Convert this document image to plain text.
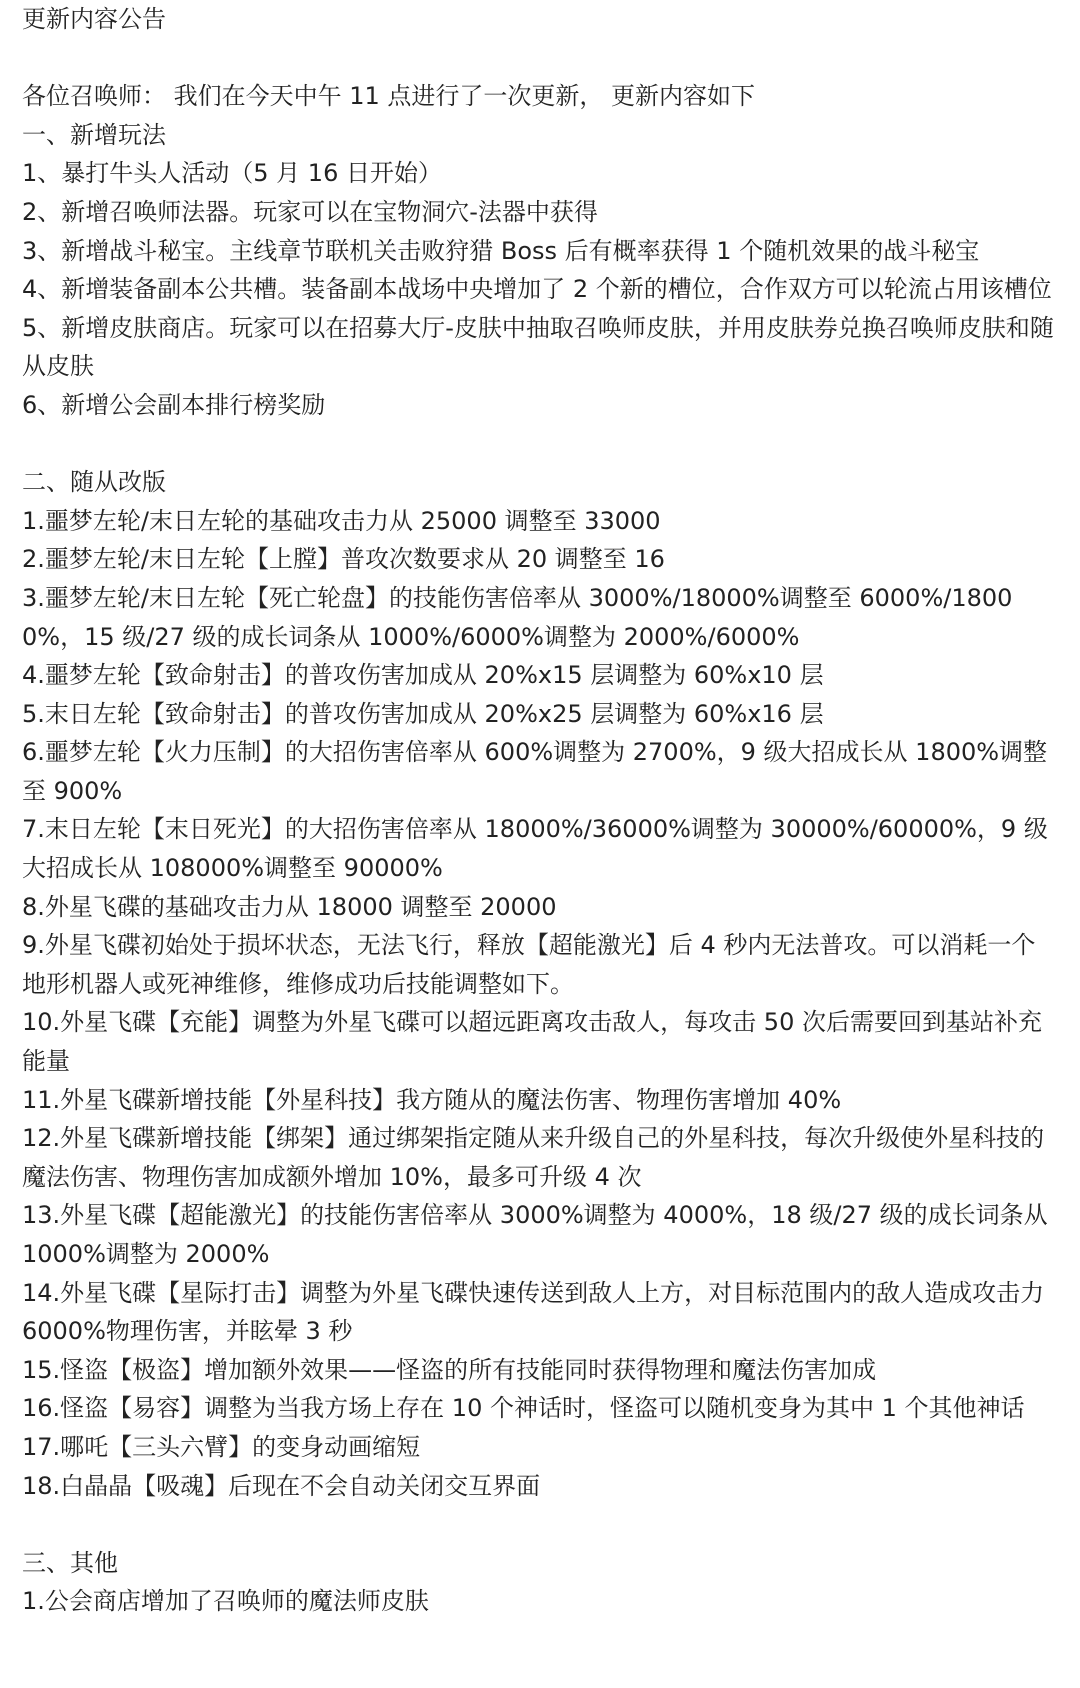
更新内容公告

各位召唤师： 我们在今天中午 11 点进行了一次更新， 更新内容如下

一、新增玩法

1、暴打牛头人活动（5 月 16 日开始）

2、新增召唤师法器。玩家可以在宝物洞穴-法器中获得

3、新增战斗秘宝。主线章节联机关击败狩猎 Boss 后有概率获得 1 个随机效果的战斗秘宝

4、新增装备副本公共槽。装备副本战场中央增加了 2 个新的槽位，合作双方可以轮流占用该槽位

5、新增皮肤商店。玩家可以在招募大厅-皮肤中抽取召唤师皮肤，并用皮肤券兑换召唤师皮肤和随从皮肤

6、新增公会副本排行榜奖励

二、随从改版

1.噩梦左轮/末日左轮的基础攻击力从 25000 调整至 33000

2.噩梦左轮/末日左轮【上膛】普攻次数要求从 20 调整至 16

3.噩梦左轮/末日左轮【死亡轮盘】的技能伤害倍率从 3000%/18000%调整至 6000%/18000%，15 级/27 级的成长词条从 1000%/6000%调整为 2000%/6000%

4.噩梦左轮【致命射击】的普攻伤害加成从 20%x15 层调整为 60%x10 层

5.末日左轮【致命射击】的普攻伤害加成从 20%x25 层调整为 60%x16 层

6.噩梦左轮【火力压制】的大招伤害倍率从 600%调整为 2700%，9 级大招成长从 1800%调整至 900%

7.末日左轮【末日死光】的大招伤害倍率从 18000%/36000%调整为 30000%/60000%，9 级大招成长从 108000%调整至 90000%

8.外星飞碟的基础攻击力从 18000 调整至 20000

9.外星飞碟初始处于损坏状态，无法飞行，释放【超能激光】后 4 秒内无法普攻。可以消耗一个地形机器人或死神维修，维修成功后技能调整如下。

10.外星飞碟【充能】调整为外星飞碟可以超远距离攻击敌人，每攻击 50 次后需要回到基站补充能量

11.外星飞碟新增技能【外星科技】我方随从的魔法伤害、物理伤害增加 40%

12.外星飞碟新增技能【绑架】通过绑架指定随从来升级自己的外星科技，每次升级使外星科技的魔法伤害、物理伤害加成额外增加 10%，最多可升级 4 次

13.外星飞碟【超能激光】的技能伤害倍率从 3000%调整为 4000%，18 级/27 级的成长词条从 1000%调整为 2000%

14.外星飞碟【星际打击】调整为外星飞碟快速传送到敌人上方，对目标范围内的敌人造成攻击力 6000%物理伤害，并眩晕 3 秒

15.怪盗【极盗】增加额外效果——怪盗的所有技能同时获得物理和魔法伤害加成

16.怪盗【易容】调整为当我方场上存在 10 个神话时，怪盗可以随机变身为其中 1 个其他神话

17.哪吒【三头六臂】的变身动画缩短

18.白晶晶【吸魂】后现在不会自动关闭交互界面

三、其他

1.公会商店增加了召唤师的魔法师皮肤
